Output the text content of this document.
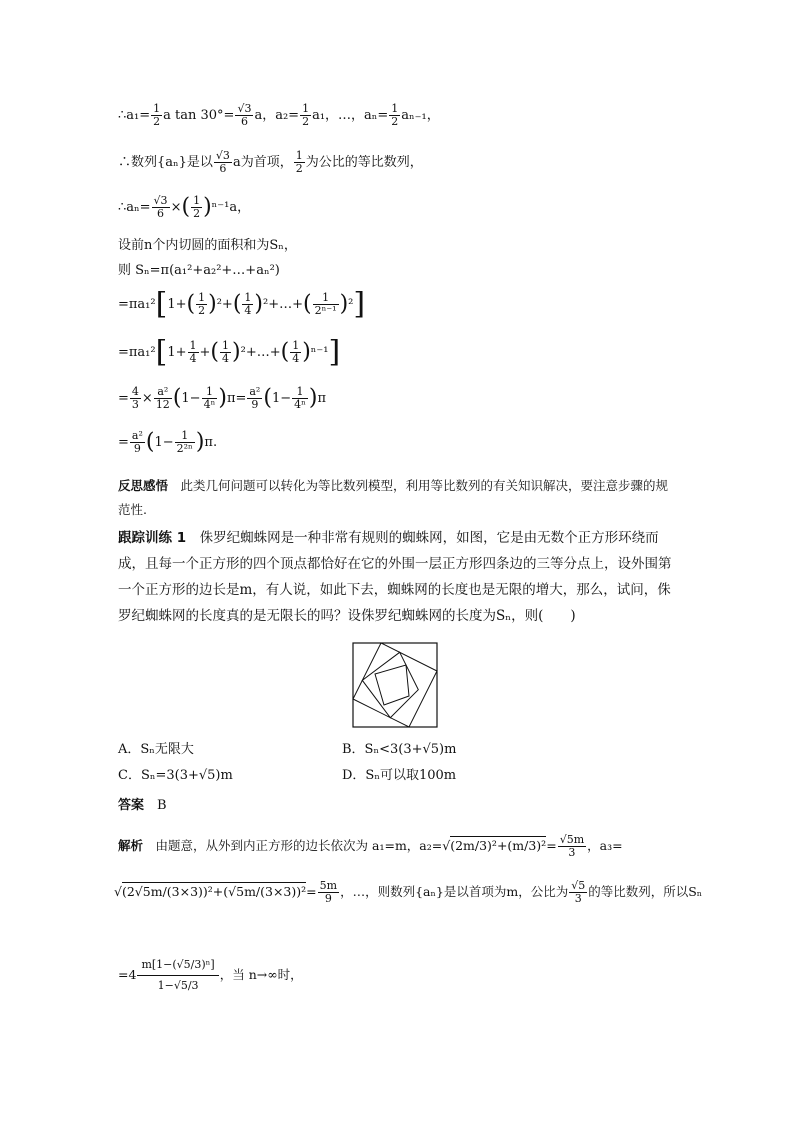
∴a₁= $\frac{1}{2}$ a $\tan 30^\circ= \frac{√3}{6}$ a，$a_2= \frac{1}{2} a_1$，…，$a_n= \frac{1}{2} a_{n-1}$，
∴数列{aₙ}是以 $\frac{√3}{6}$ a为首项， $\frac{1}{2}$ 为公比的等比数列，
∴aₙ= $\frac{√3}{6}$ ×( $\frac{1}{2} )^{n-1}a$，
设前n个内切圆的面积和为Sₙ，
则 Sₙ=π(a₁²+a₂²+…+aₙ²)
$=\pi a_1^2[1+( \frac{1}{2} )^2+( \frac{1}{4}$ )²+…+( $\frac{1}{\text{2ⁿ⁻¹}} )^2$]
$=\pi a_1^2[1+ \frac{1}{4}$ +( $\frac{1}{4}$ )²+…+( $\frac{1}{4} )^{n-1}$]
= $\frac{4}{3} \times \frac{\text{a²}}{12} (1- \frac{1}{\text{4ⁿ}} )\pi= \frac{\text{a²}}{9} (1- \frac{1}{\text{4ⁿ}} )\pi$
= $\frac{\text{a²}}{9} (1- \frac{1}{\text{2²ⁿ}} )\pi$.
反思感悟　 此类几何问题可以转化为等比数列模型，利用等比数列的有关知识解决，要注意步骤的规范性.
跟踪训练 1　 侏罗纪蜘蛛网是一种非常有规则的蜘蛛网，如图，它是由无数个正方形环绕而成，且每一个正方形的四个顶点都恰好在它的外围一层正方形四条边的三等分点上，设外围第一个正方形的边长是m，有人说，如此下去，蜘蛛网的长度也是无限的增大，那么，试问，侏罗纪蜘蛛网的长度真的是无限长的吗？设侏罗纪蜘蛛网的长度为Sₙ，则(　　)
A．Sₙ无限大	B．Sₙ<3(3+√5)m
C．Sₙ=3(3+√5)m	D．Sₙ可以取100m
答案　 B
解析　 由题意，从外到内正方形的边长依次为 a₁=m，$a_2=√(2m/3)^2+(m/3)^2= \frac{√5m}{3}$ ，a₃=
$√(2√5m/(3\times 3))^2+(√5m/(3\times 3))^2= \frac{5m}{9}$ ，…，则数列{aₙ}是以首项为m，公比为 $\frac{√5}{3}$ 的等比数列，所以Sₙ
$=4 \frac{\text{m[1−(√5/3)ⁿ]}}{1-√5/3}$ ，当 n→∞时，
